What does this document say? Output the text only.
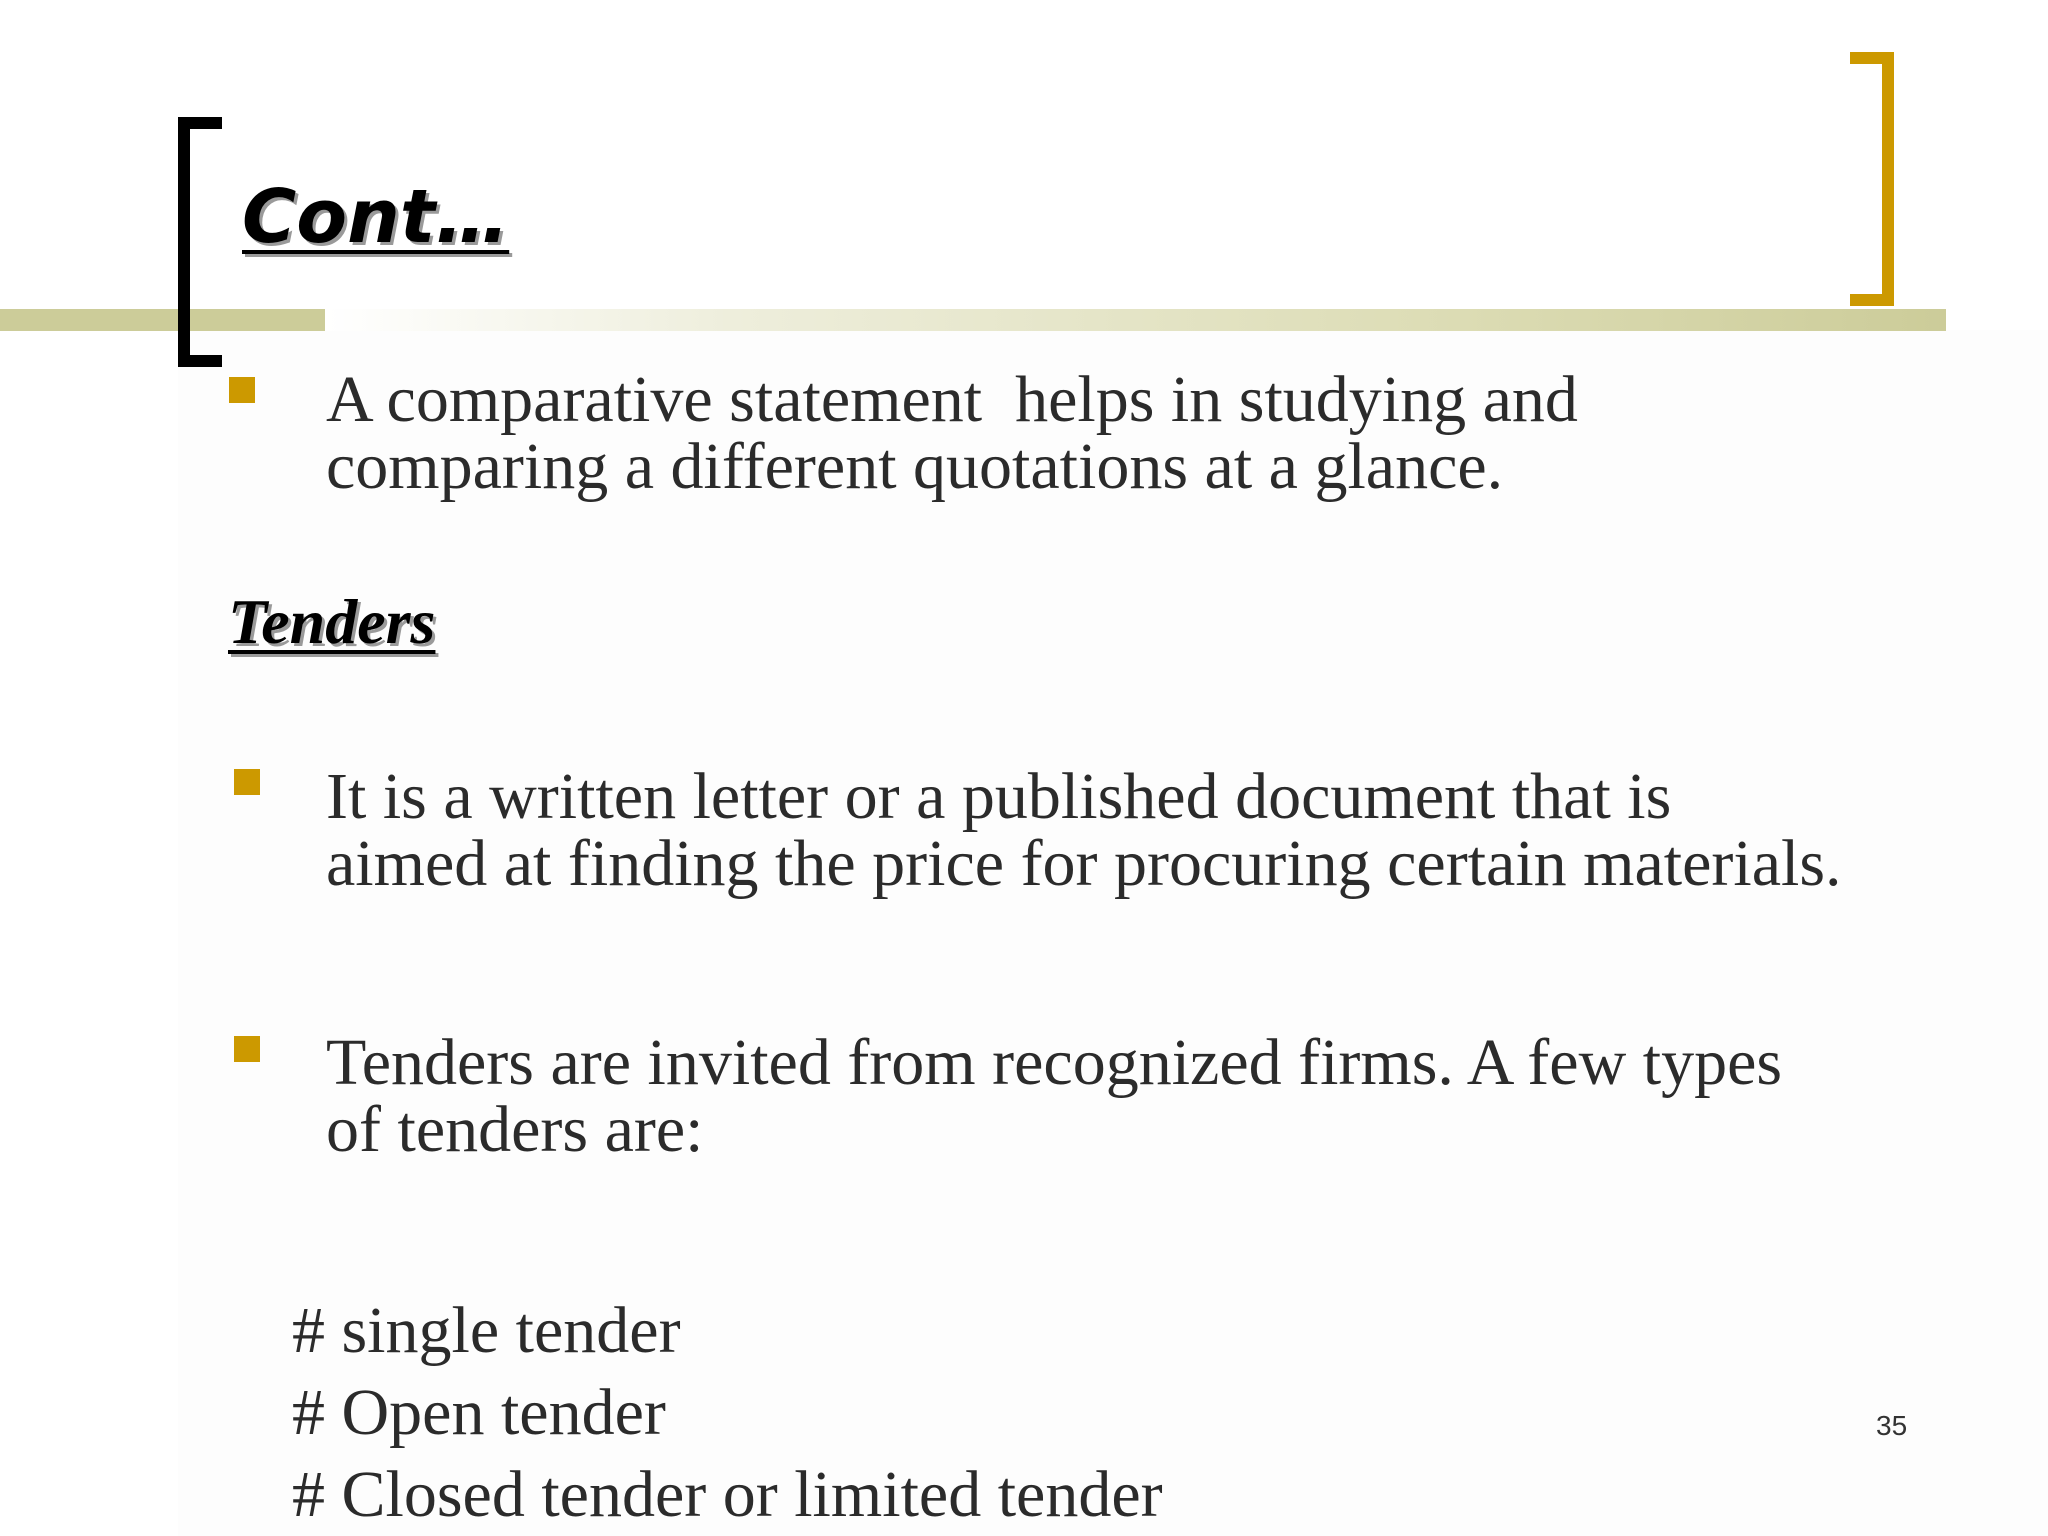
Cont…

A comparative statement  helps in studying and
comparing a different quotations at a glance.

Tenders

It is a written letter or a published document that is
aimed at finding the price for procuring certain materials.

Tenders are invited from recognized firms. A few types
of tenders are:

# single tender
# Open tender
# Closed tender or limited tender
35
